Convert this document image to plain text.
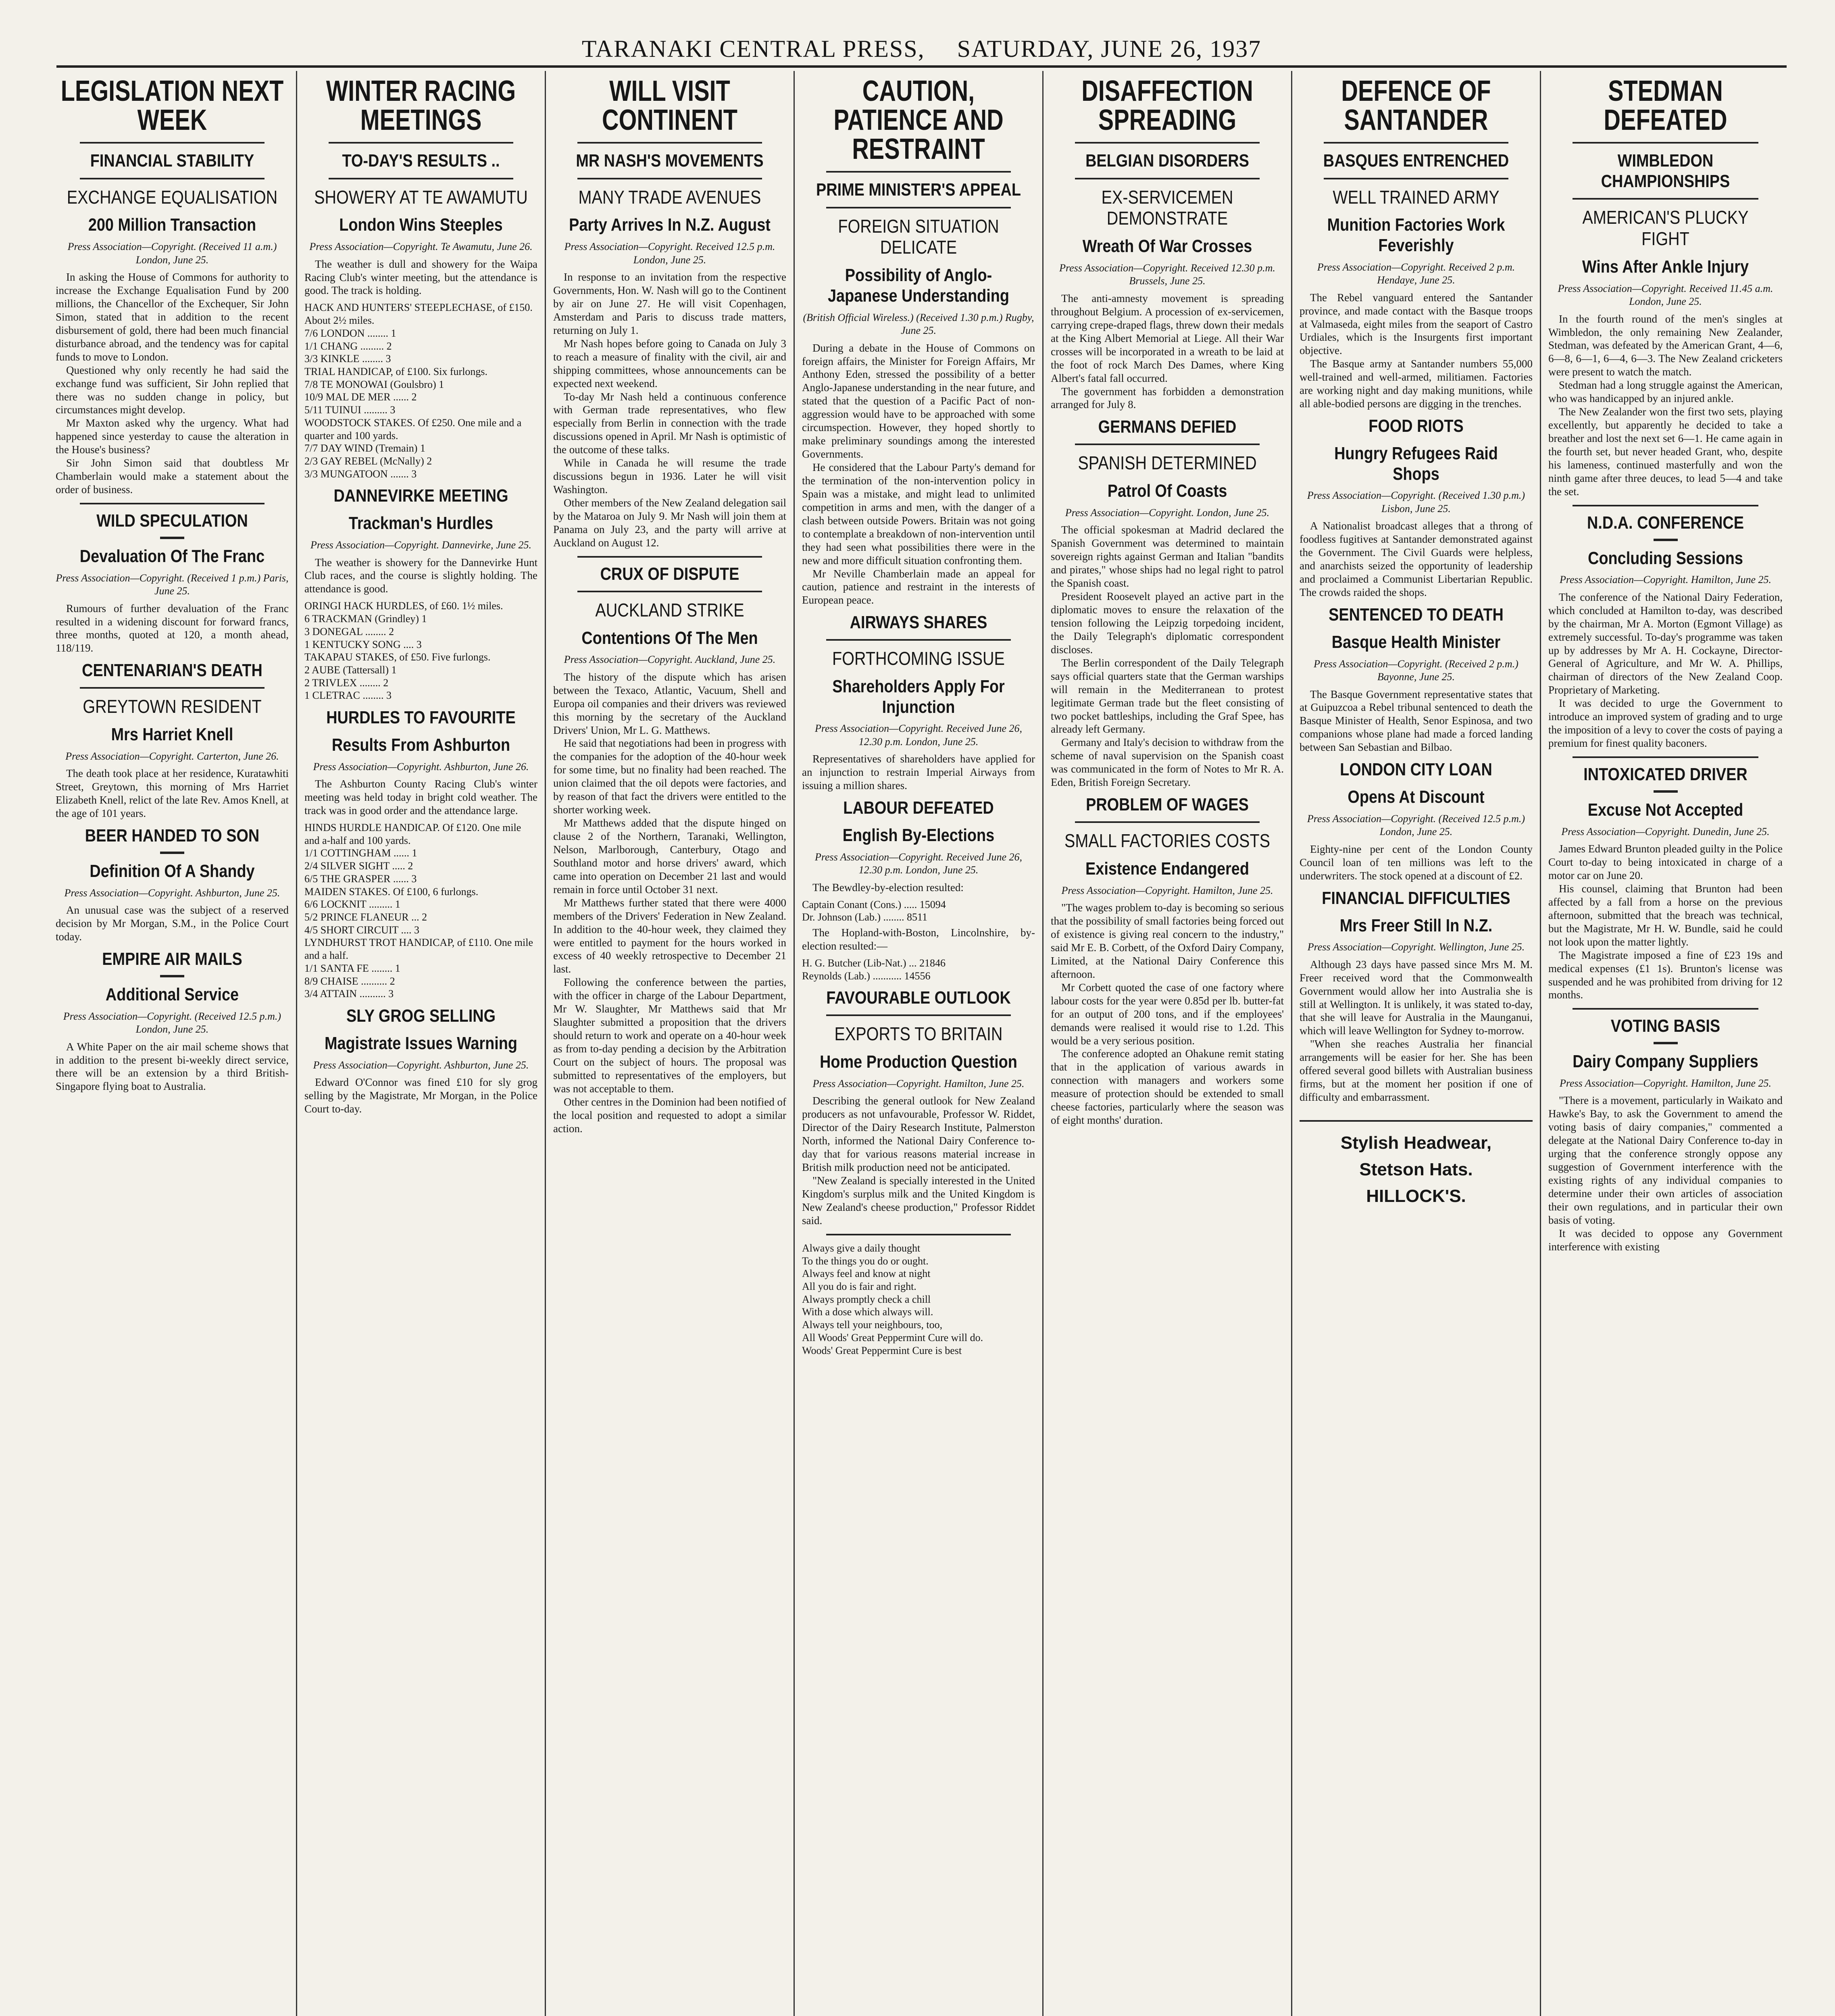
TARANAKI CENTRAL PRESS, SATURDAY, JUNE 26, 1937
LEGISLATION NEXT WEEK
FINANCIAL STABILITY
EXCHANGE EQUALISATION
200 Million Transaction
Press Association—Copyright. (Received 11 a.m.) London, June 25.

In asking the House of Commons for authority to increase the Exchange Equalisation Fund by 200 millions, the Chancellor of the Exchequer, Sir John Simon, stated that in addition to the recent disbursement of gold, there had been much financial disturbance abroad, and the tendency was for capital funds to move to London.

Questioned why only recently he had said the exchange fund was sufficient, Sir John replied that there was no sudden change in policy, but circumstances might develop.

Mr Maxton asked why the urgency. What had happened since yesterday to cause the alteration in the House's business?

Sir John Simon said that doubtless Mr Chamberlain would make a statement about the order of business.

WILD SPECULATION
Devaluation Of The Franc
Press Association—Copyright. (Received 1 p.m.) Paris, June 25.

Rumours of further devaluation of the Franc resulted in a widening discount for forward francs, three months, quoted at 120, a month ahead, 118/119.

CENTENARIAN'S DEATH
GREYTOWN RESIDENT
Mrs Harriet Knell
Press Association—Copyright. Carterton, June 26.

The death took place at her residence, Kuratawhiti Street, Greytown, this morning of Mrs Harriet Elizabeth Knell, relict of the late Rev. Amos Knell, at the age of 101 years.

BEER HANDED TO SON
Definition Of A Shandy
Press Association—Copyright. Ashburton, June 25.

An unusual case was the subject of a reserved decision by Mr Morgan, S.M., in the Police Court today.

EMPIRE AIR MAILS
Additional Service
Press Association—Copyright. (Received 12.5 p.m.) London, June 25.

A White Paper on the air mail scheme shows that in addition to the present bi-weekly direct service, there will be an extension by a third British-Singapore flying boat to Australia.

WINTER RACING MEETINGS
TO-DAY'S RESULTS ..
SHOWERY AT TE AWAMUTU
London Wins Steeples
Press Association—Copyright. Te Awamutu, June 26.

The weather is dull and showery for the Waipa Racing Club's winter meeting, but the attendance is good. The track is holding.

HACK AND HUNTERS' STEEPLECHASE, of £150. About 2½ miles.

7/6 LONDON ........ 1

1/1 CHANG ......... 2

3/3 KINKLE ........ 3

TRIAL HANDICAP, of £100. Six furlongs.

7/8 TE MONOWAI (Goulsbro) 1

10/9 MAL DE MER ...... 2

5/11 TUINUI ......... 3

WOODSTOCK STAKES. Of £250. One mile and a quarter and 100 yards.

7/7 DAY WIND (Tremain) 1

2/3 GAY REBEL (McNally) 2

3/3 MUNGATOON ....... 3

DANNEVIRKE MEETING
Trackman's Hurdles
Press Association—Copyright. Dannevirke, June 25.

The weather is showery for the Dannevirke Hunt Club races, and the course is slightly holding. The attendance is good.

ORINGI HACK HURDLES, of £60. 1½ miles.

6 TRACKMAN (Grindley) 1

3 DONEGAL ........ 2

1 KENTUCKY SONG .... 3

TAKAPAU STAKES, of £50. Five furlongs.

2 AUBE (Tattersall) 1

2 TRIVLEX ........ 2

1 CLETRAC ........ 3

HURDLES TO FAVOURITE
Results From Ashburton
Press Association—Copyright. Ashburton, June 26.

The Ashburton County Racing Club's winter meeting was held today in bright cold weather. The track was in good order and the attendance large.

HINDS HURDLE HANDICAP. Of £120. One mile and a-half and 100 yards.

1/1 COTTINGHAM ...... 1

2/4 SILVER SIGHT ..... 2

6/5 THE GRASPER ...... 3

MAIDEN STAKES. Of £100, 6 furlongs.

6/6 LOCKNIT ......... 1

5/2 PRINCE FLANEUR ... 2

4/5 SHORT CIRCUIT .... 3

LYNDHURST TROT HANDICAP, of £110. One mile and a half.

1/1 SANTA FE ........ 1

8/9 CHAISE .......... 2

3/4 ATTAIN .......... 3

SLY GROG SELLING
Magistrate Issues Warning
Press Association—Copyright. Ashburton, June 25.

Edward O'Connor was fined £10 for sly grog selling by the Magistrate, Mr Morgan, in the Police Court to-day.

WILL VISIT CONTINENT
MR NASH'S MOVEMENTS
MANY TRADE AVENUES
Party Arrives In N.Z. August
Press Association—Copyright. Received 12.5 p.m. London, June 25.

In response to an invitation from the respective Governments, Hon. W. Nash will go to the Continent by air on June 27. He will visit Copenhagen, Amsterdam and Paris to discuss trade matters, returning on July 1.

Mr Nash hopes before going to Canada on July 3 to reach a measure of finality with the civil, air and shipping committees, whose announcements can be expected next weekend.

To-day Mr Nash held a continuous conference with German trade representatives, who flew especially from Berlin in connection with the trade discussions opened in April. Mr Nash is optimistic of the outcome of these talks.

While in Canada he will resume the trade discussions begun in 1936. Later he will visit Washington.

Other members of the New Zealand delegation sail by the Mataroa on July 9. Mr Nash will join them at Panama on July 23, and the party will arrive at Auckland on August 12.

CRUX OF DISPUTE
AUCKLAND STRIKE
Contentions Of The Men
Press Association—Copyright. Auckland, June 25.

The history of the dispute which has arisen between the Texaco, Atlantic, Vacuum, Shell and Europa oil companies and their drivers was reviewed this morning by the secretary of the Auckland Drivers' Union, Mr L. G. Matthews.

He said that negotiations had been in progress with the companies for the adoption of the 40-hour week for some time, but no finality had been reached. The union claimed that the oil depots were factories, and by reason of that fact the drivers were entitled to the shorter working week.

Mr Matthews added that the dispute hinged on clause 2 of the Northern, Taranaki, Wellington, Nelson, Marlborough, Canterbury, Otago and Southland motor and horse drivers' award, which came into operation on December 21 last and would remain in force until October 31 next.

Mr Matthews further stated that there were 4000 members of the Drivers' Federation in New Zealand. In addition to the 40-hour week, they claimed they were entitled to payment for the hours worked in excess of 40 weekly retrospective to December 21 last.

Following the conference between the parties, with the officer in charge of the Labour Department, Mr W. Slaughter, Mr Matthews said that Mr Slaughter submitted a proposition that the drivers should return to work and operate on a 40-hour week as from to-day pending a decision by the Arbitration Court on the subject of hours. The proposal was submitted to representatives of the employers, but was not acceptable to them.

Other centres in the Dominion had been notified of the local position and requested to adopt a similar action.

CAUTION, PATIENCE AND RESTRAINT
PRIME MINISTER'S APPEAL
FOREIGN SITUATION DELICATE
Possibility of Anglo-Japanese Understanding
(British Official Wireless.) (Received 1.30 p.m.) Rugby, June 25.

During a debate in the House of Commons on foreign affairs, the Minister for Foreign Affairs, Mr Anthony Eden, stressed the possibility of a better Anglo-Japanese understanding in the near future, and stated that the question of a Pacific Pact of non-aggression would have to be approached with some circumspection. However, they hoped shortly to make preliminary soundings among the interested Governments.

He considered that the Labour Party's demand for the termination of the non-intervention policy in Spain was a mistake, and might lead to unlimited competition in arms and men, with the danger of a clash between outside Powers. Britain was not going to contemplate a breakdown of non-intervention until they had seen what possibilities there were in the new and more difficult situation confronting them.

Mr Neville Chamberlain made an appeal for caution, patience and restraint in the interests of European peace.

AIRWAYS SHARES
FORTHCOMING ISSUE
Shareholders Apply For Injunction
Press Association—Copyright. Received June 26, 12.30 p.m. London, June 25.

Representatives of shareholders have applied for an injunction to restrain Imperial Airways from issuing a million shares.

LABOUR DEFEATED
English By-Elections
Press Association—Copyright. Received June 26, 12.30 p.m. London, June 25.

The Bewdley-by-election resulted:

Captain Conant (Cons.) ..... 15094

Dr. Johnson (Lab.) ........ 8511

The Hopland-with-Boston, Lincolnshire, by-election resulted:—

H. G. Butcher (Lib-Nat.) ... 21846

Reynolds (Lab.) ........... 14556

FAVOURABLE OUTLOOK
EXPORTS TO BRITAIN
Home Production Question
Press Association—Copyright. Hamilton, June 25.

Describing the general outlook for New Zealand producers as not unfavourable, Professor W. Riddet, Director of the Dairy Research Institute, Palmerston North, informed the National Dairy Conference to-day that for various reasons material increase in British milk production need not be anticipated.

"New Zealand is specially interested in the United Kingdom's surplus milk and the United Kingdom is New Zealand's cheese production," Professor Riddet said.

Always give a daily thought

To the things you do or ought.

Always feel and know at night

All you do is fair and right.

Always promptly check a chill

With a dose which always will.

Always tell your neighbours, too,

All Woods' Great Peppermint Cure will do.

Woods' Great Peppermint Cure is best

DISAFFECTION SPREADING
BELGIAN DISORDERS
EX-SERVICEMEN DEMONSTRATE
Wreath Of War Crosses
Press Association—Copyright. Received 12.30 p.m. Brussels, June 25.

The anti-amnesty movement is spreading throughout Belgium. A procession of ex-servicemen, carrying crepe-draped flags, threw down their medals at the King Albert Memorial at Liege. All their War crosses will be incorporated in a wreath to be laid at the foot of rock March Des Dames, where King Albert's fatal fall occurred.

The government has forbidden a demonstration arranged for July 8.

GERMANS DEFIED
SPANISH DETERMINED
Patrol Of Coasts
Press Association—Copyright. London, June 25.

The official spokesman at Madrid declared the Spanish Government was determined to maintain sovereign rights against German and Italian "bandits and pirates," whose ships had no legal right to patrol the Spanish coast.

President Roosevelt played an active part in the diplomatic moves to ensure the relaxation of the tension following the Leipzig torpedoing incident, the Daily Telegraph's diplomatic correspondent discloses.

The Berlin correspondent of the Daily Telegraph says official quarters state that the German warships will remain in the Mediterranean to protest legitimate German trade but the fleet consisting of two pocket battleships, including the Graf Spee, has already left Germany.

Germany and Italy's decision to withdraw from the scheme of naval supervision on the Spanish coast was communicated in the form of Notes to Mr R. A. Eden, British Foreign Secretary.

PROBLEM OF WAGES
SMALL FACTORIES COSTS
Existence Endangered
Press Association—Copyright. Hamilton, June 25.

"The wages problem to-day is becoming so serious that the possibility of small factories being forced out of existence is giving real concern to the industry," said Mr E. B. Corbett, of the Oxford Dairy Company, Limited, at the National Dairy Conference this afternoon.

Mr Corbett quoted the case of one factory where labour costs for the year were 0.85d per lb. butter-fat for an output of 200 tons, and if the employees' demands were realised it would rise to 1.2d. This would be a very serious position.

The conference adopted an Ohakune remit stating that in the application of various awards in connection with managers and workers some measure of protection should be extended to small cheese factories, particularly where the season was of eight months' duration.

DEFENCE OF SANTANDER
BASQUES ENTRENCHED
WELL TRAINED ARMY
Munition Factories Work Feverishly
Press Association—Copyright. Received 2 p.m. Hendaye, June 25.

The Rebel vanguard entered the Santander province, and made contact with the Basque troops at Valmaseda, eight miles from the seaport of Castro Urdiales, which is the Insurgents first important objective.

The Basque army at Santander numbers 55,000 well-trained and well-armed, militiamen. Factories are working night and day making munitions, while all able-bodied persons are digging in the trenches.

FOOD RIOTS
Hungry Refugees Raid Shops
Press Association—Copyright. (Received 1.30 p.m.) Lisbon, June 25.

A Nationalist broadcast alleges that a throng of foodless fugitives at Santander demonstrated against the Government. The Civil Guards were helpless, and anarchists seized the opportunity of leadership and proclaimed a Communist Libertarian Republic. The crowds raided the shops.

SENTENCED TO DEATH
Basque Health Minister
Press Association—Copyright. (Received 2 p.m.) Bayonne, June 25.

The Basque Government representative states that at Guipuzcoa a Rebel tribunal sentenced to death the Basque Minister of Health, Senor Espinosa, and two companions whose plane had made a forced landing between San Sebastian and Bilbao.

LONDON CITY LOAN
Opens At Discount
Press Association—Copyright. (Received 12.5 p.m.) London, June 25.

Eighty-nine per cent of the London County Council loan of ten millions was left to the underwriters. The stock opened at a discount of £2.

FINANCIAL DIFFICULTIES
Mrs Freer Still In N.Z.
Press Association—Copyright. Wellington, June 25.

Although 23 days have passed since Mrs M. M. Freer received word that the Commonwealth Government would allow her into Australia she is still at Wellington. It is unlikely, it was stated to-day, that she will leave for Australia in the Maunganui, which will leave Wellington for Sydney to-morrow.

"When she reaches Australia her financial arrangements will be easier for her. She has been offered several good billets with Australian business firms, but at the moment her position if one of difficulty and embarrassment.

Stylish Headwear,
Stetson Hats.
HILLOCK'S.
STEDMAN DEFEATED
WIMBLEDON CHAMPIONSHIPS
AMERICAN'S PLUCKY FIGHT
Wins After Ankle Injury
Press Association—Copyright. Received 11.45 a.m. London, June 25.

In the fourth round of the men's singles at Wimbledon, the only remaining New Zealander, Stedman, was defeated by the American Grant, 4—6, 6—8, 6—1, 6—4, 6—3. The New Zealand cricketers were present to watch the match.

Stedman had a long struggle against the American, who was handicapped by an injured ankle.

The New Zealander won the first two sets, playing excellently, but apparently he decided to take a breather and lost the next set 6—1. He came again in the fourth set, but never headed Grant, who, despite his lameness, continued masterfully and won the ninth game after three deuces, to lead 5—4 and take the set.

N.D.A. CONFERENCE
Concluding Sessions
Press Association—Copyright. Hamilton, June 25.

The conference of the National Dairy Federation, which concluded at Hamilton to-day, was described by the chairman, Mr A. Morton (Egmont Village) as extremely successful. To-day's programme was taken up by addresses by Mr A. H. Cockayne, Director-General of Agriculture, and Mr W. A. Phillips, chairman of directors of the New Zealand Coop. Proprietary of Marketing.

It was decided to urge the Government to introduce an improved system of grading and to urge the imposition of a levy to cover the costs of paying a premium for finest quality baconers.

INTOXICATED DRIVER
Excuse Not Accepted
Press Association—Copyright. Dunedin, June 25.

James Edward Brunton pleaded guilty in the Police Court to-day to being intoxicated in charge of a motor car on June 20.

His counsel, claiming that Brunton had been affected by a fall from a horse on the previous afternoon, submitted that the breach was technical, but the Magistrate, Mr H. W. Bundle, said he could not look upon the matter lightly.

The Magistrate imposed a fine of £23 19s and medical expenses (£1 1s). Brunton's license was suspended and he was prohibited from driving for 12 months.

VOTING BASIS
Dairy Company Suppliers
Press Association—Copyright. Hamilton, June 25.

"There is a movement, particularly in Waikato and Hawke's Bay, to ask the Government to amend the voting basis of dairy companies," commented a delegate at the National Dairy Conference to-day in urging that the conference strongly oppose any suggestion of Government interference with the existing rights of any individual companies to determine under their own articles of association their own regulations, and in particular their own basis of voting.

It was decided to oppose any Government interference with existing
